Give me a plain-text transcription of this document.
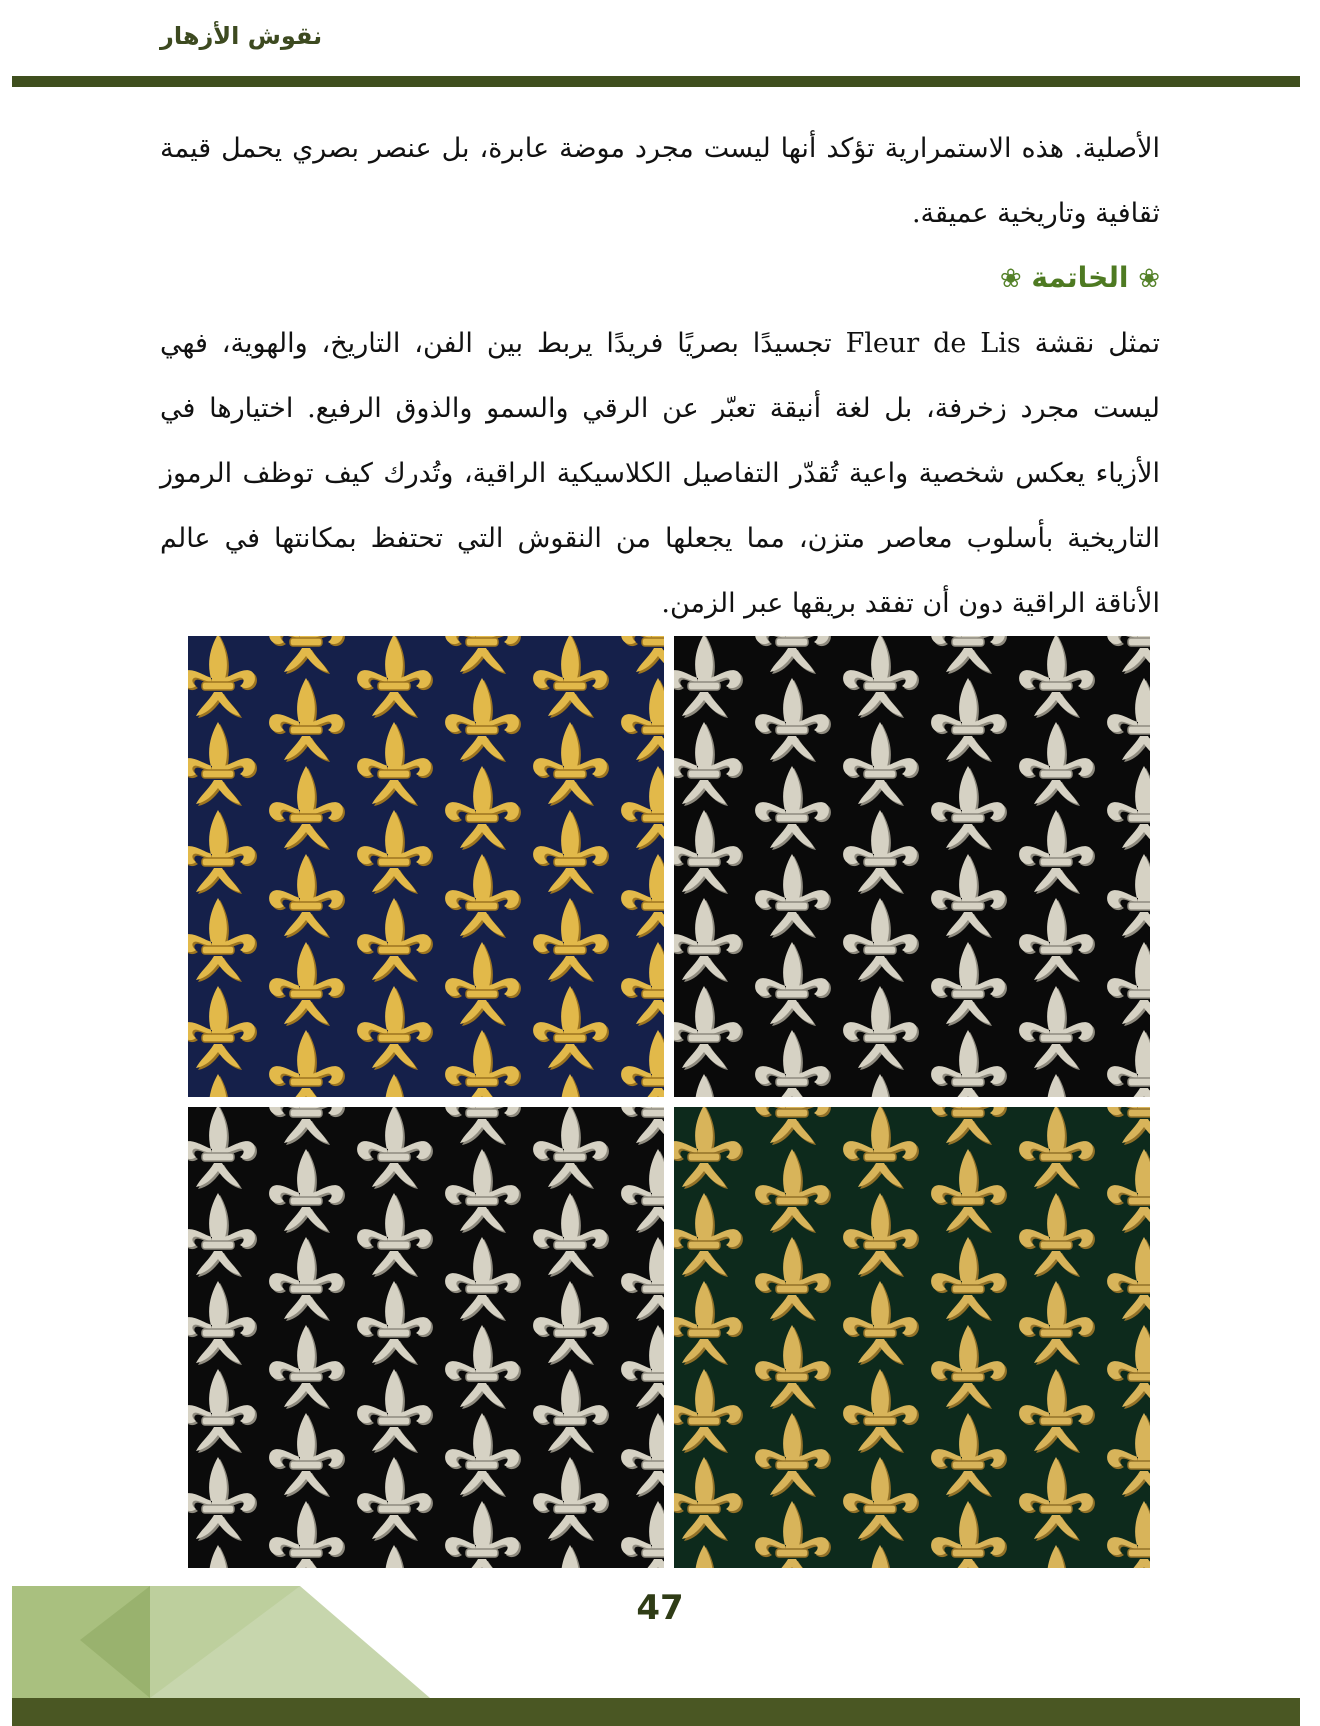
نقوش الأزهار

الأصلية. هذه الاستمرارية تؤكد أنها ليست مجرد موضة عابرة، بل عنصر بصري يحمل قيمة ثقافية وتاريخية عميقة.

❀ الخاتمة ❀

تمثل نقشة Fleur de Lis تجسيدًا بصريًا فريدًا يربط بين الفن، التاريخ، والهوية، فهي ليست مجرد زخرفة، بل لغة أنيقة تعبّر عن الرقي والسمو والذوق الرفيع. اختيارها في الأزياء يعكس شخصية واعية تُقدّر التفاصيل الكلاسيكية الراقية، وتُدرك كيف توظف الرموز التاريخية بأسلوب معاصر متزن، مما يجعلها من النقوش التي تحتفظ بمكانتها في عالم الأناقة الراقية دون أن تفقد بريقها عبر الزمن.

47
